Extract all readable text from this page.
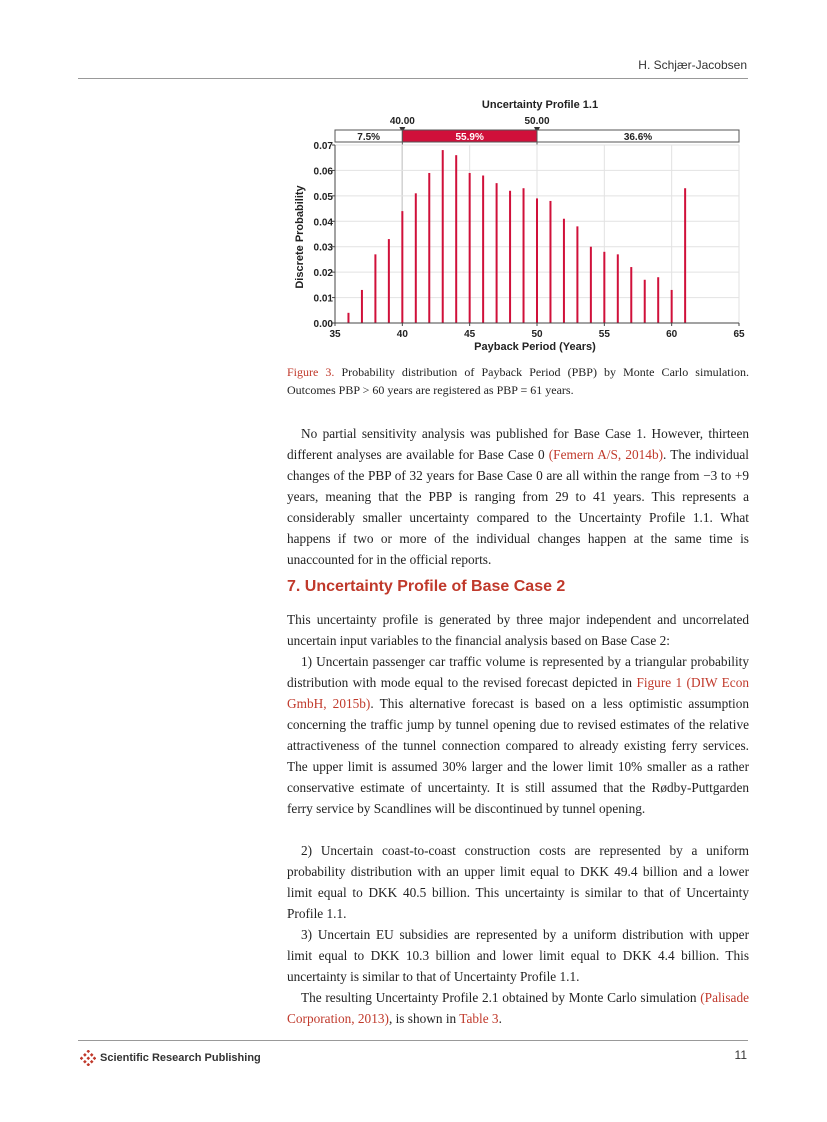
H. Schjær-Jacobsen
Uncertainty Profile 1.1
40.00	50.00
7.5%	55.9%	36.6%
35	40	45	50	55	60	65
0.00
0.01
0.02
0.03
0.04
0.05
0.06
0.07
Payback Period (Years)
Discrete Probability
Figure 3. Probability distribution of Payback Period (PBP) by Monte Carlo simulation. Outcomes PBP > 60 years are registered as PBP = 61 years.

No partial sensitivity analysis was published for Base Case 1. However, thirteen different analyses are available for Base Case 0 (Femern A/S, 2014b). The individual changes of the PBP of 32 years for Base Case 0 are all within the range from −3 to +9 years, meaning that the PBP is ranging from 29 to 41 years. This represents a considerably smaller uncertainty compared to the Uncertainty Profile 1.1. What happens if two or more of the individual changes happen at the same time is unaccounted for in the official reports.

7. Uncertainty Profile of Base Case 2

This uncertainty profile is generated by three major independent and uncorrelated uncertain input variables to the financial analysis based on Base Case 2:

1) Uncertain passenger car traffic volume is represented by a triangular probability distribution with mode equal to the revised forecast depicted in Figure 1 (DIW Econ GmbH, 2015b). This alternative forecast is based on a less optimistic assumption concerning the traffic jump by tunnel opening due to revised estimates of the relative attractiveness of the tunnel connection compared to already existing ferry services. The upper limit is assumed 30% larger and the lower limit 10% smaller as a rather conservative estimate of uncertainty. It is still assumed that the Rødby-Puttgarden ferry service by Scandlines will be discontinued by tunnel opening.

2) Uncertain coast-to-coast construction costs are represented by a uniform probability distribution with an upper limit equal to DKK 49.4 billion and a lower limit equal to DKK 40.5 billion. This uncertainty is similar to that of Uncertainty Profile 1.1.

3) Uncertain EU subsidies are represented by a uniform distribution with upper limit equal to DKK 10.3 billion and lower limit equal to DKK 4.4 billion. This uncertainty is similar to that of Uncertainty Profile 1.1.

The resulting Uncertainty Profile 2.1 obtained by Monte Carlo simulation (Palisade Corporation, 2013), is shown in Table 3.

Scientific Research Publishing	11
